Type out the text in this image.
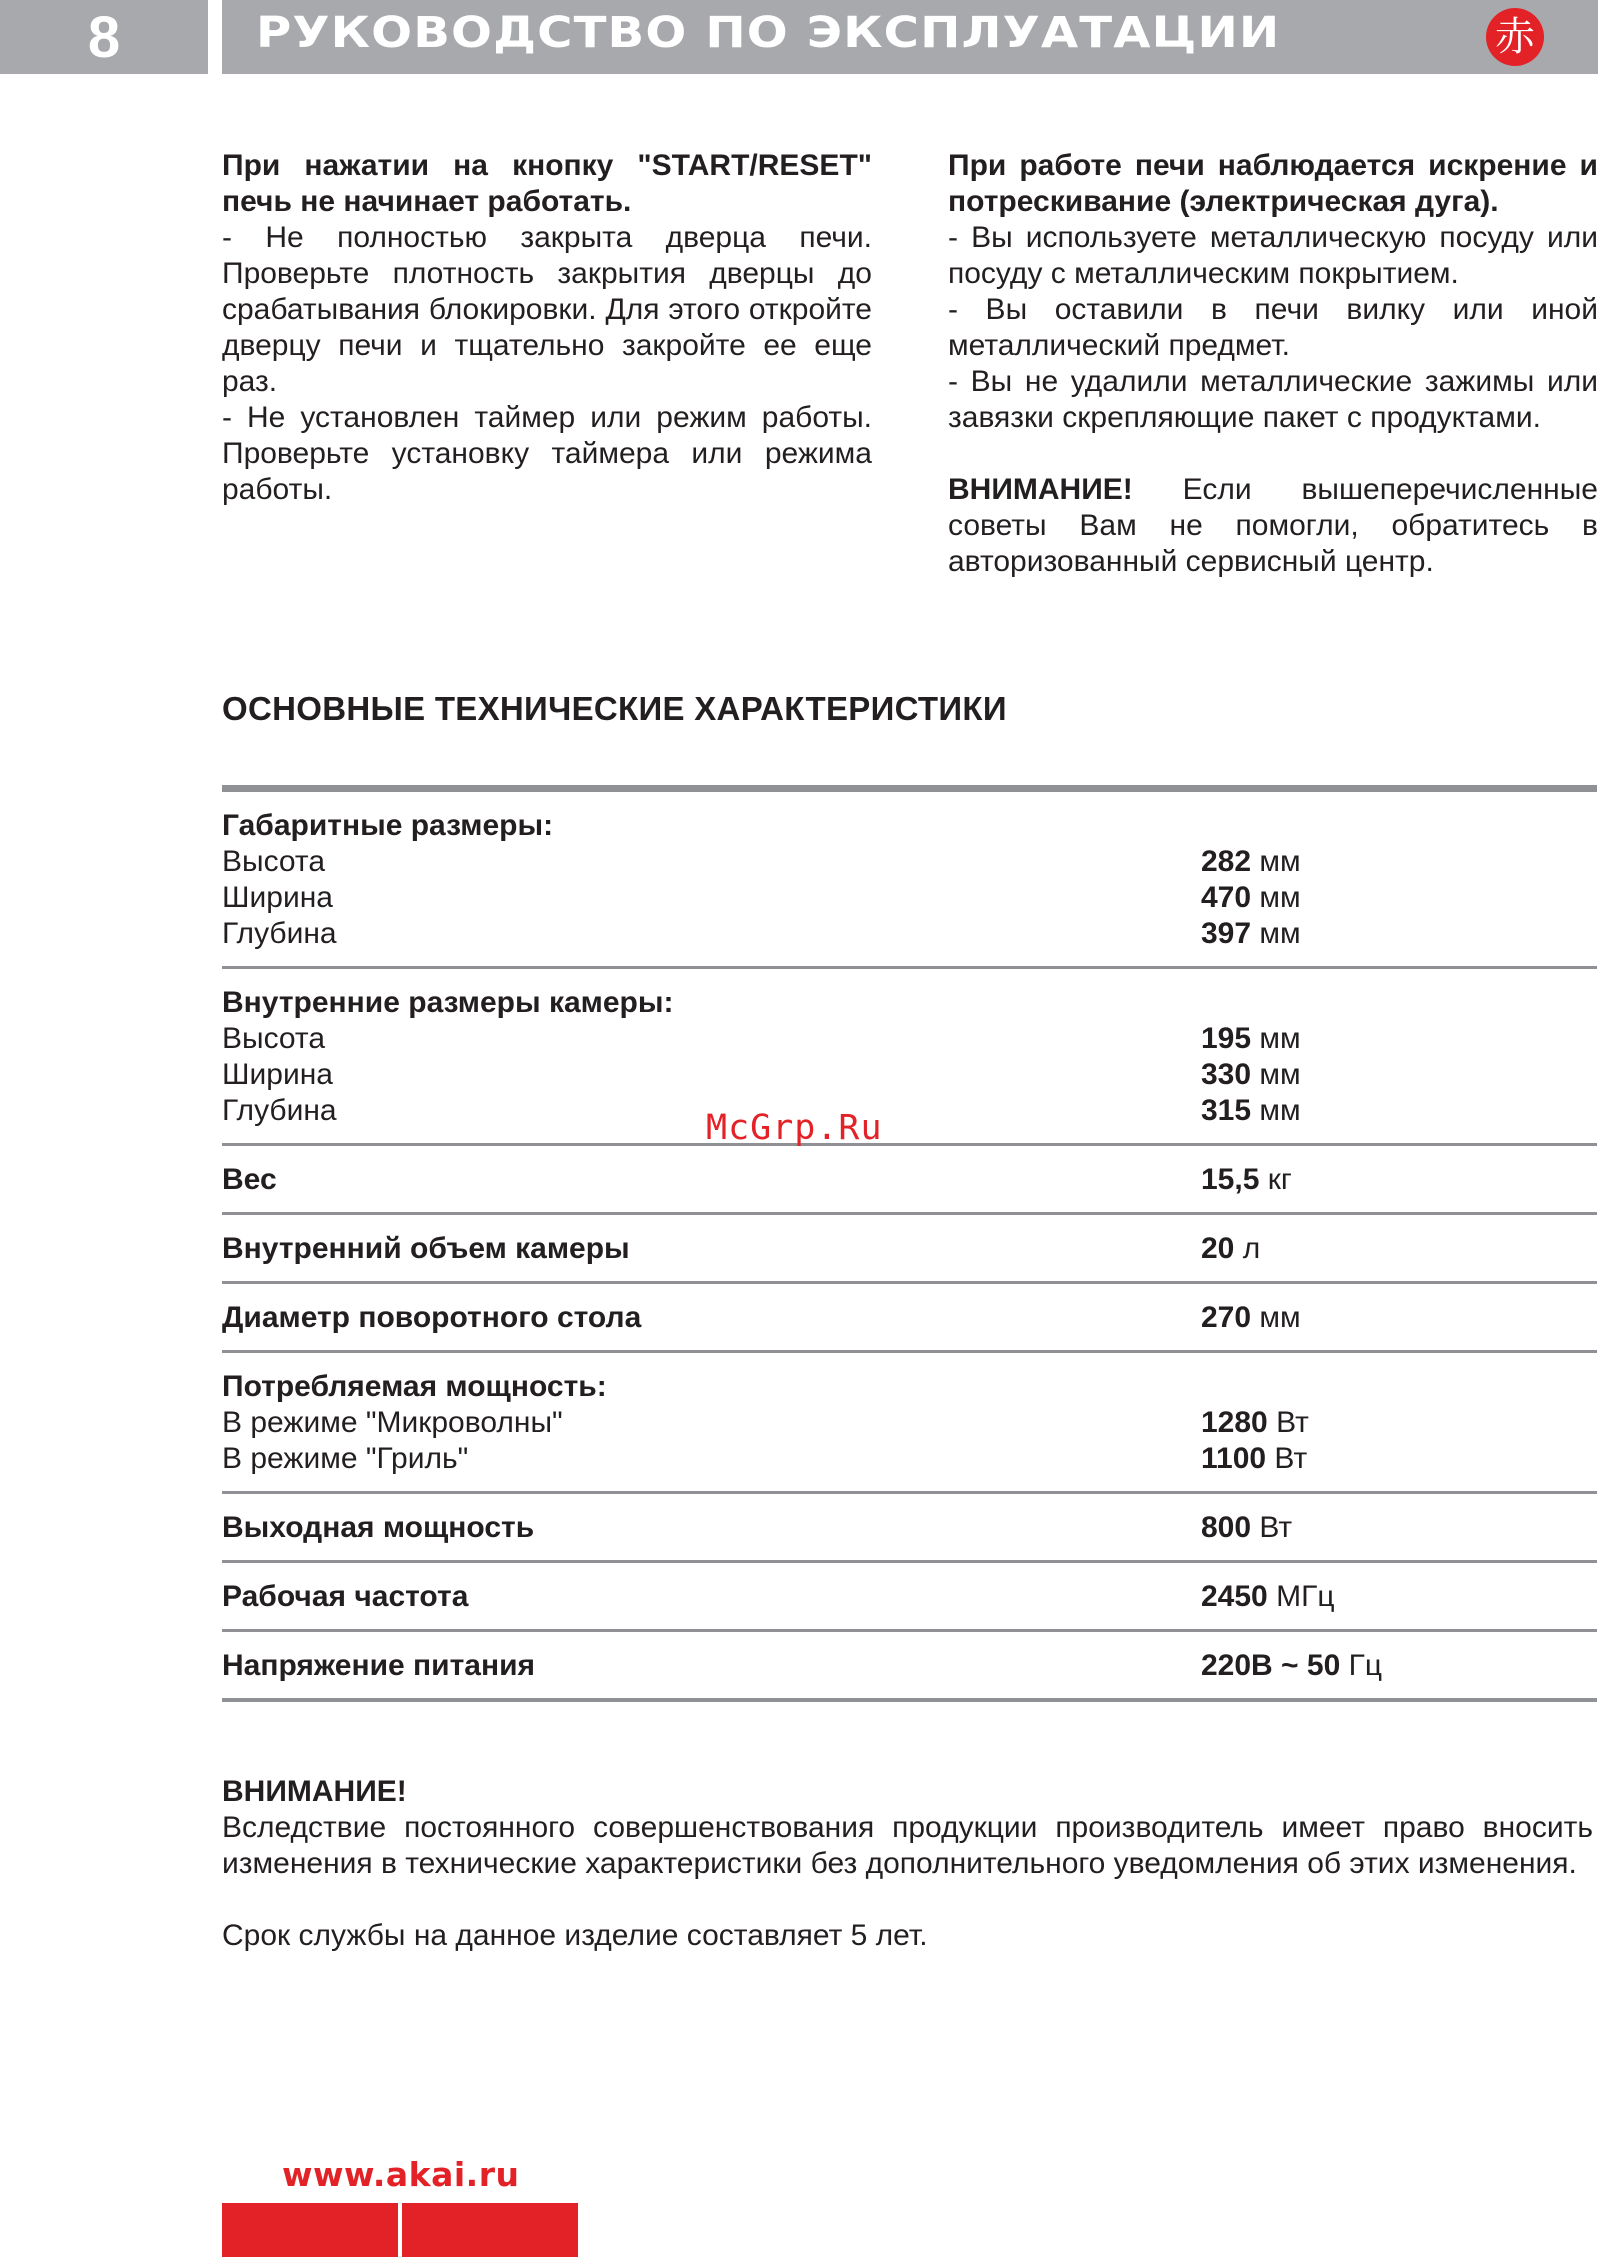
8	РУКОВОДСТВО ПО ЭКСПЛУАТАЦИИ	赤

При нажатии на кнопку "START/RESET" печь не начинает работать.

- Не полностью закрыта дверца печи. Проверьте плотность закрытия дверцы до срабатывания блокировки. Для этого откройте дверцу печи и тщательно закройте ее еще раз.

- Не установлен таймер или режим работы. Проверьте установку таймера или режима работы.

При работе печи наблюдается искрение и потрескивание (электрическая дуга).

- Вы используете металлическую посуду или посуду с металлическим покрытием.

- Вы оставили в печи вилку или иной металлический предмет.

- Вы не удалили металлические зажимы или завязки скрепляющие пакет с продуктами.

ВНИМАНИЕ! Если вышеперечисленные советы Вам не помогли, обратитесь в авторизованный сервисный центр.

ОСНОВНЫЕ ТЕХНИЧЕСКИЕ ХАРАКТЕРИСТИКИ
Габаритные размеры:
Высота	282 мм
Ширина	470 мм
Глубина	397 мм
Внутренние размеры камеры:
Высота	195 мм
Ширина	330 мм
Глубина	315 мм
Вес	15,5 кг
Внутренний объем камеры	20 л
Диаметр поворотного стола	270 мм
Потребляемая мощность:
В режиме "Микроволны"	1280 Вт
В режиме "Гриль"	1100 Вт
Выходная мощность	800 Вт
Рабочая частота	2450 МГц
Напряжение питания	220В ~ 50 Гц
McGrp.Ru

ВНИМАНИЕ!

Вследствие постоянного совершенствования продукции производитель имеет право вносить изменения в технические характеристики без дополнительного уведомления об этих изменения.

Срок службы на данное изделие составляет 5 лет.

www.akai.ru
